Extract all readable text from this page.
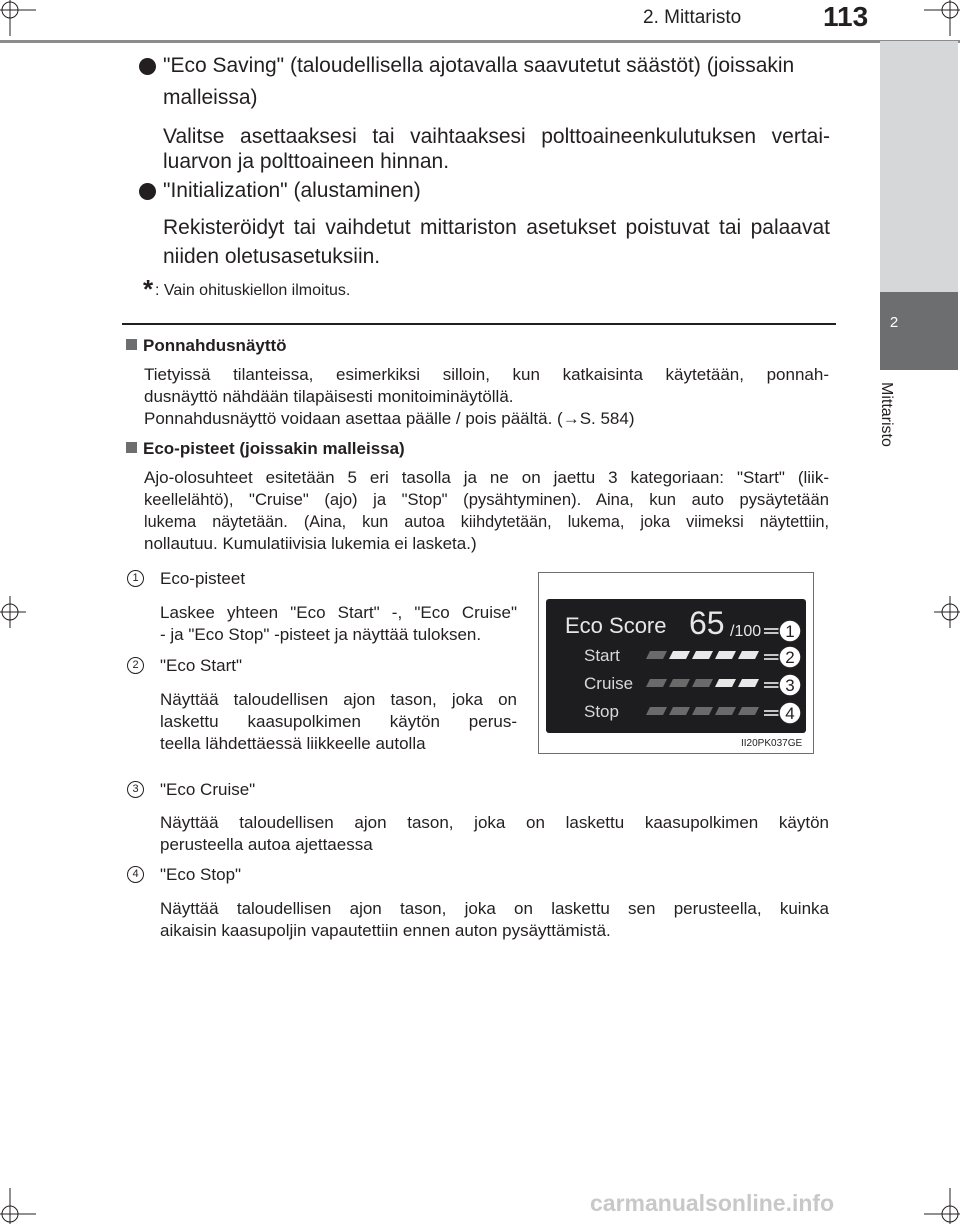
2. Mittaristo	113
2
Mittaristo
"Eco Saving" (taloudellisella ajotavalla saavutetut säästöt) (joissakin
malleissa)
Valitse asettaaksesi tai vaihtaaksesi polttoaineenkulutuksen vertai-
luarvon ja polttoaineen hinnan.
"Initialization" (alustaminen)
Rekisteröidyt tai vaihdetut mittariston asetukset poistuvat tai palaavat
niiden oletusasetuksiin.
* : Vain ohituskiellon ilmoitus.
Ponnahdusnäyttö
Tietyissä tilanteissa, esimerkiksi silloin, kun katkaisinta käytetään, ponnah-
dusnäyttö nähdään tilapäisesti monitoiminäytöllä.
Ponnahdusnäyttö voidaan asettaa päälle / pois päältä. (→S. 584)
Eco-pisteet (joissakin malleissa)
Ajo-olosuhteet esitetään 5 eri tasolla ja ne on jaettu 3 kategoriaan: "Start" (liik-
keellelähtö), "Cruise" (ajo) ja "Stop" (pysähtyminen). Aina, kun auto pysäytetään
lukema näytetään. (Aina, kun autoa kiihdytetään, lukema, joka viimeksi näytettiin,
nollautuu. Kumulatiivisia lukemia ei lasketa.)
1	Eco-pisteet
Laskee yhteen "Eco Start" -, "Eco Cruise"
- ja "Eco Stop" -pisteet ja näyttää tuloksen.
2	"Eco Start"
Näyttää taloudellisen ajon tason, joka on
laskettu kaasupolkimen käytön perus-
teella lähdettäessä liikkeelle autolla
Eco Score 65 /100
Start
Cruise
Stop
1
2
3
4
II20PK037GE
3	"Eco Cruise"
Näyttää taloudellisen ajon tason, joka on laskettu kaasupolkimen käytön
perusteella autoa ajettaessa
4	"Eco Stop"
Näyttää taloudellisen ajon tason, joka on laskettu sen perusteella, kuinka
aikaisin kaasupoljin vapautettiin ennen auton pysäyttämistä.
carmanualsonline.info
